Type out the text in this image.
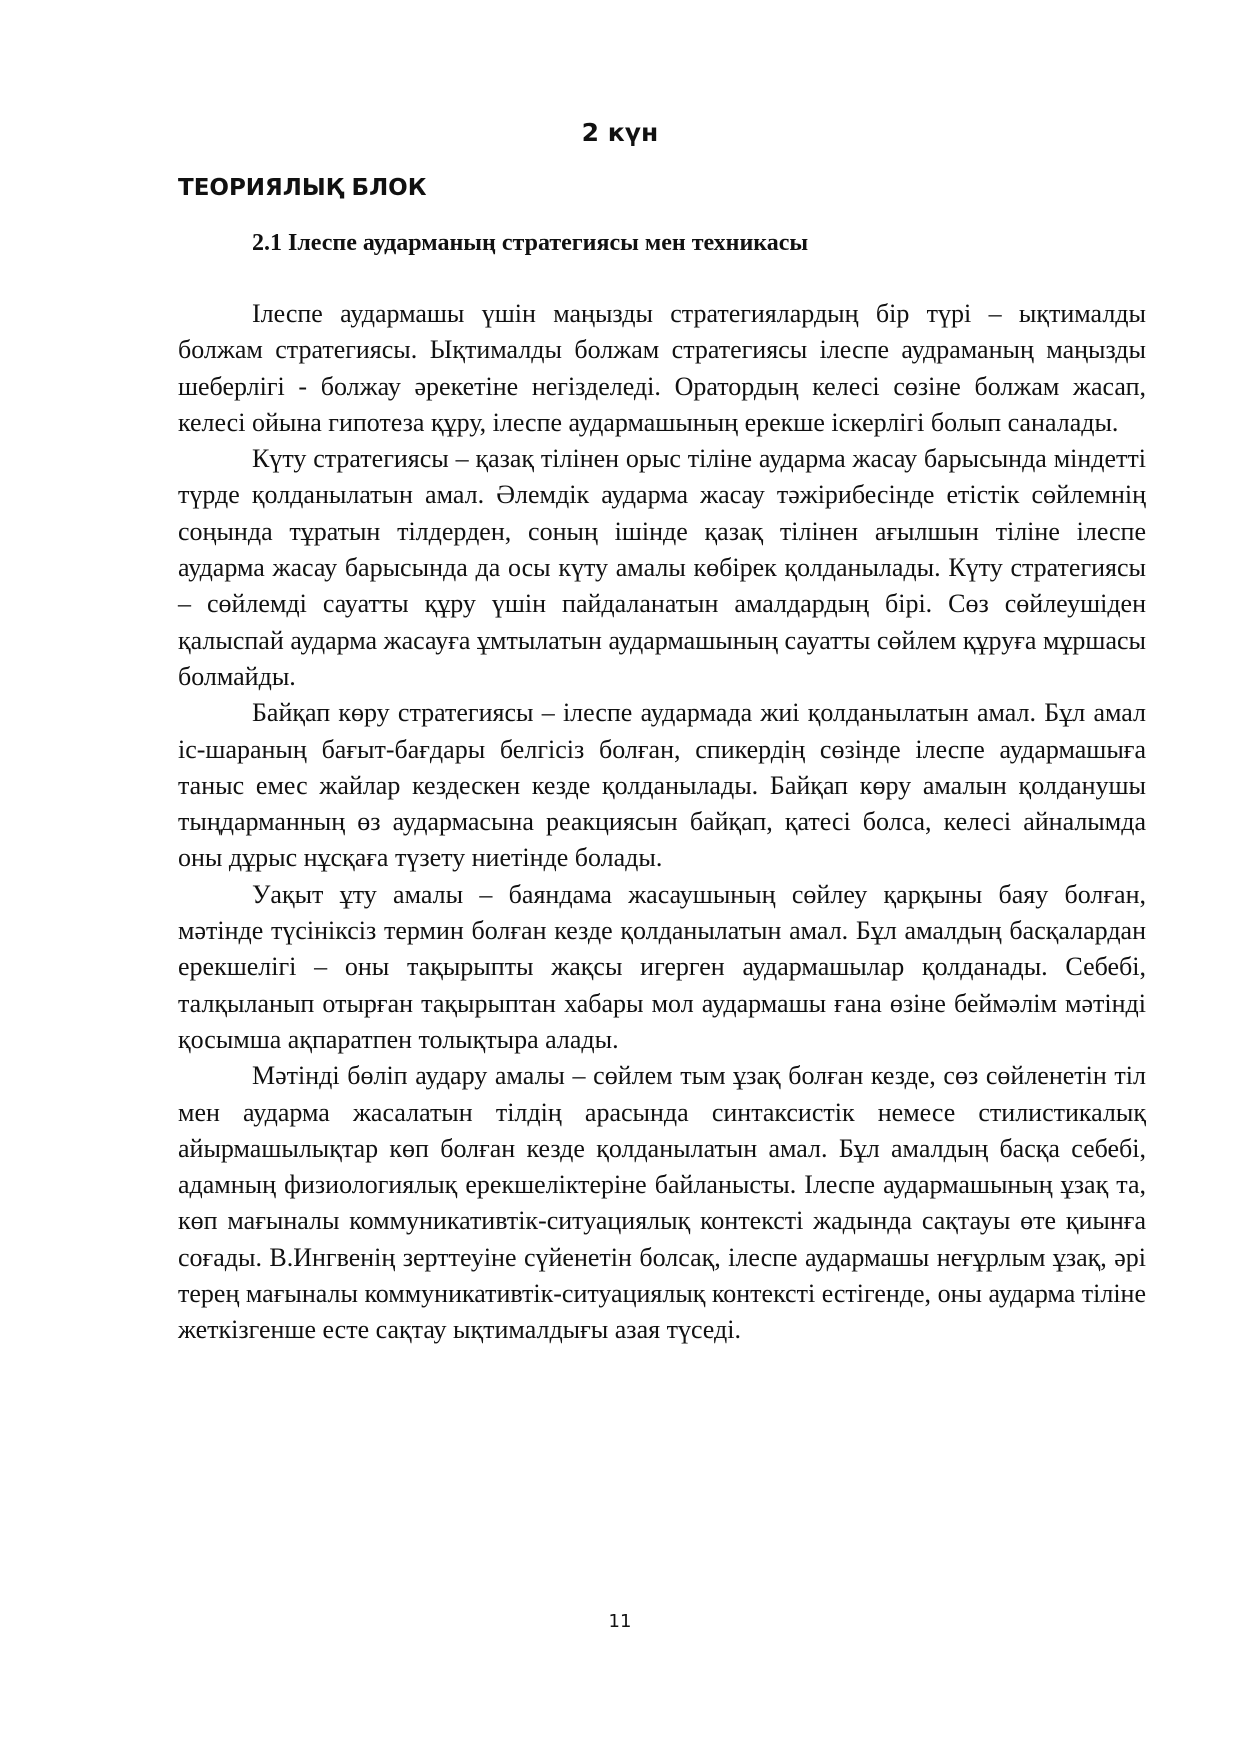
2 күн
ТЕОРИЯЛЫҚ БЛОК
2.1 Ілеспе аударманың стратегиясы мен техникасы

Ілеспе аудармашы үшін маңызды стратегиялардың бір түрі – ықтималды болжам стратегиясы. Ықтималды болжам стратегиясы ілеспе аудраманың маңызды шеберлігі - болжау әрекетіне негізделеді. Оратордың келесі сөзіне болжам жасап, келесі ойына гипотеза құру, ілеспе аудармашының ерекше іскерлігі болып саналады.

Күту стратегиясы – қазақ тілінен орыс тіліне аударма жасау барысында міндетті түрде қолданылатын амал. Әлемдік аударма жасау тәжірибесінде етістік сөйлемнің соңында тұратын тілдерден, соның ішінде қазақ тілінен ағылшын тіліне ілеспе аударма жасау барысында да осы күту амалы көбірек қолданылады. Күту стратегиясы – сөйлемді сауатты құру үшін пайдаланатын амалдардың бірі. Сөз сөйлеушіден қалыспай аударма жасауға ұмтылатын аудармашының сауатты сөйлем құруға мұршасы болмайды.

Байқап көру стратегиясы – ілеспе аудармада жиі қолданылатын амал. Бұл амал іс-шараның бағыт-бағдары белгісіз болған, спикердің сөзінде ілеспе аудармашыға таныс емес жайлар кездескен кезде қолданылады. Байқап көру амалын қолданушы тыңдарманның өз аудармасына реакциясын байқап, қатесі болса, келесі айналымда оны дұрыс нұсқаға түзету ниетінде болады.

Уақыт ұту амалы – баяндама жасаушының сөйлеу қарқыны баяу болған, мәтінде түсініксіз термин болған кезде қолданылатын амал. Бұл амалдың басқалардан ерекшелігі – оны тақырыпты жақсы игерген аудармашылар қолданады. Себебі, талқыланып отырған тақырыптан хабары мол аудармашы ғана өзіне беймәлім мәтінді қосымша ақпаратпен толықтыра алады.

Мәтінді бөліп аудару амалы – сөйлем тым ұзақ болған кезде, сөз сөйленетін тіл мен аударма жасалатын тілдің арасында синтаксистік немесе стилистикалық айырмашылықтар көп болған кезде қолданылатын амал. Бұл амалдың басқа себебі, адамның физиологиялық ерекшеліктеріне байланысты. Ілеспе аудармашының ұзақ та, көп мағыналы коммуникативтік-ситуациялық контексті жадында сақтауы өте қиынға соғады. В.Ингвенің зерттеуіне сүйенетін болсақ, ілеспе аудармашы неғұрлым ұзақ, әрі терең мағыналы коммуникативтік-ситуациялық контексті естігенде, оны аударма тіліне жеткізгенше есте сақтау ықтималдығы азая түседі.

11
